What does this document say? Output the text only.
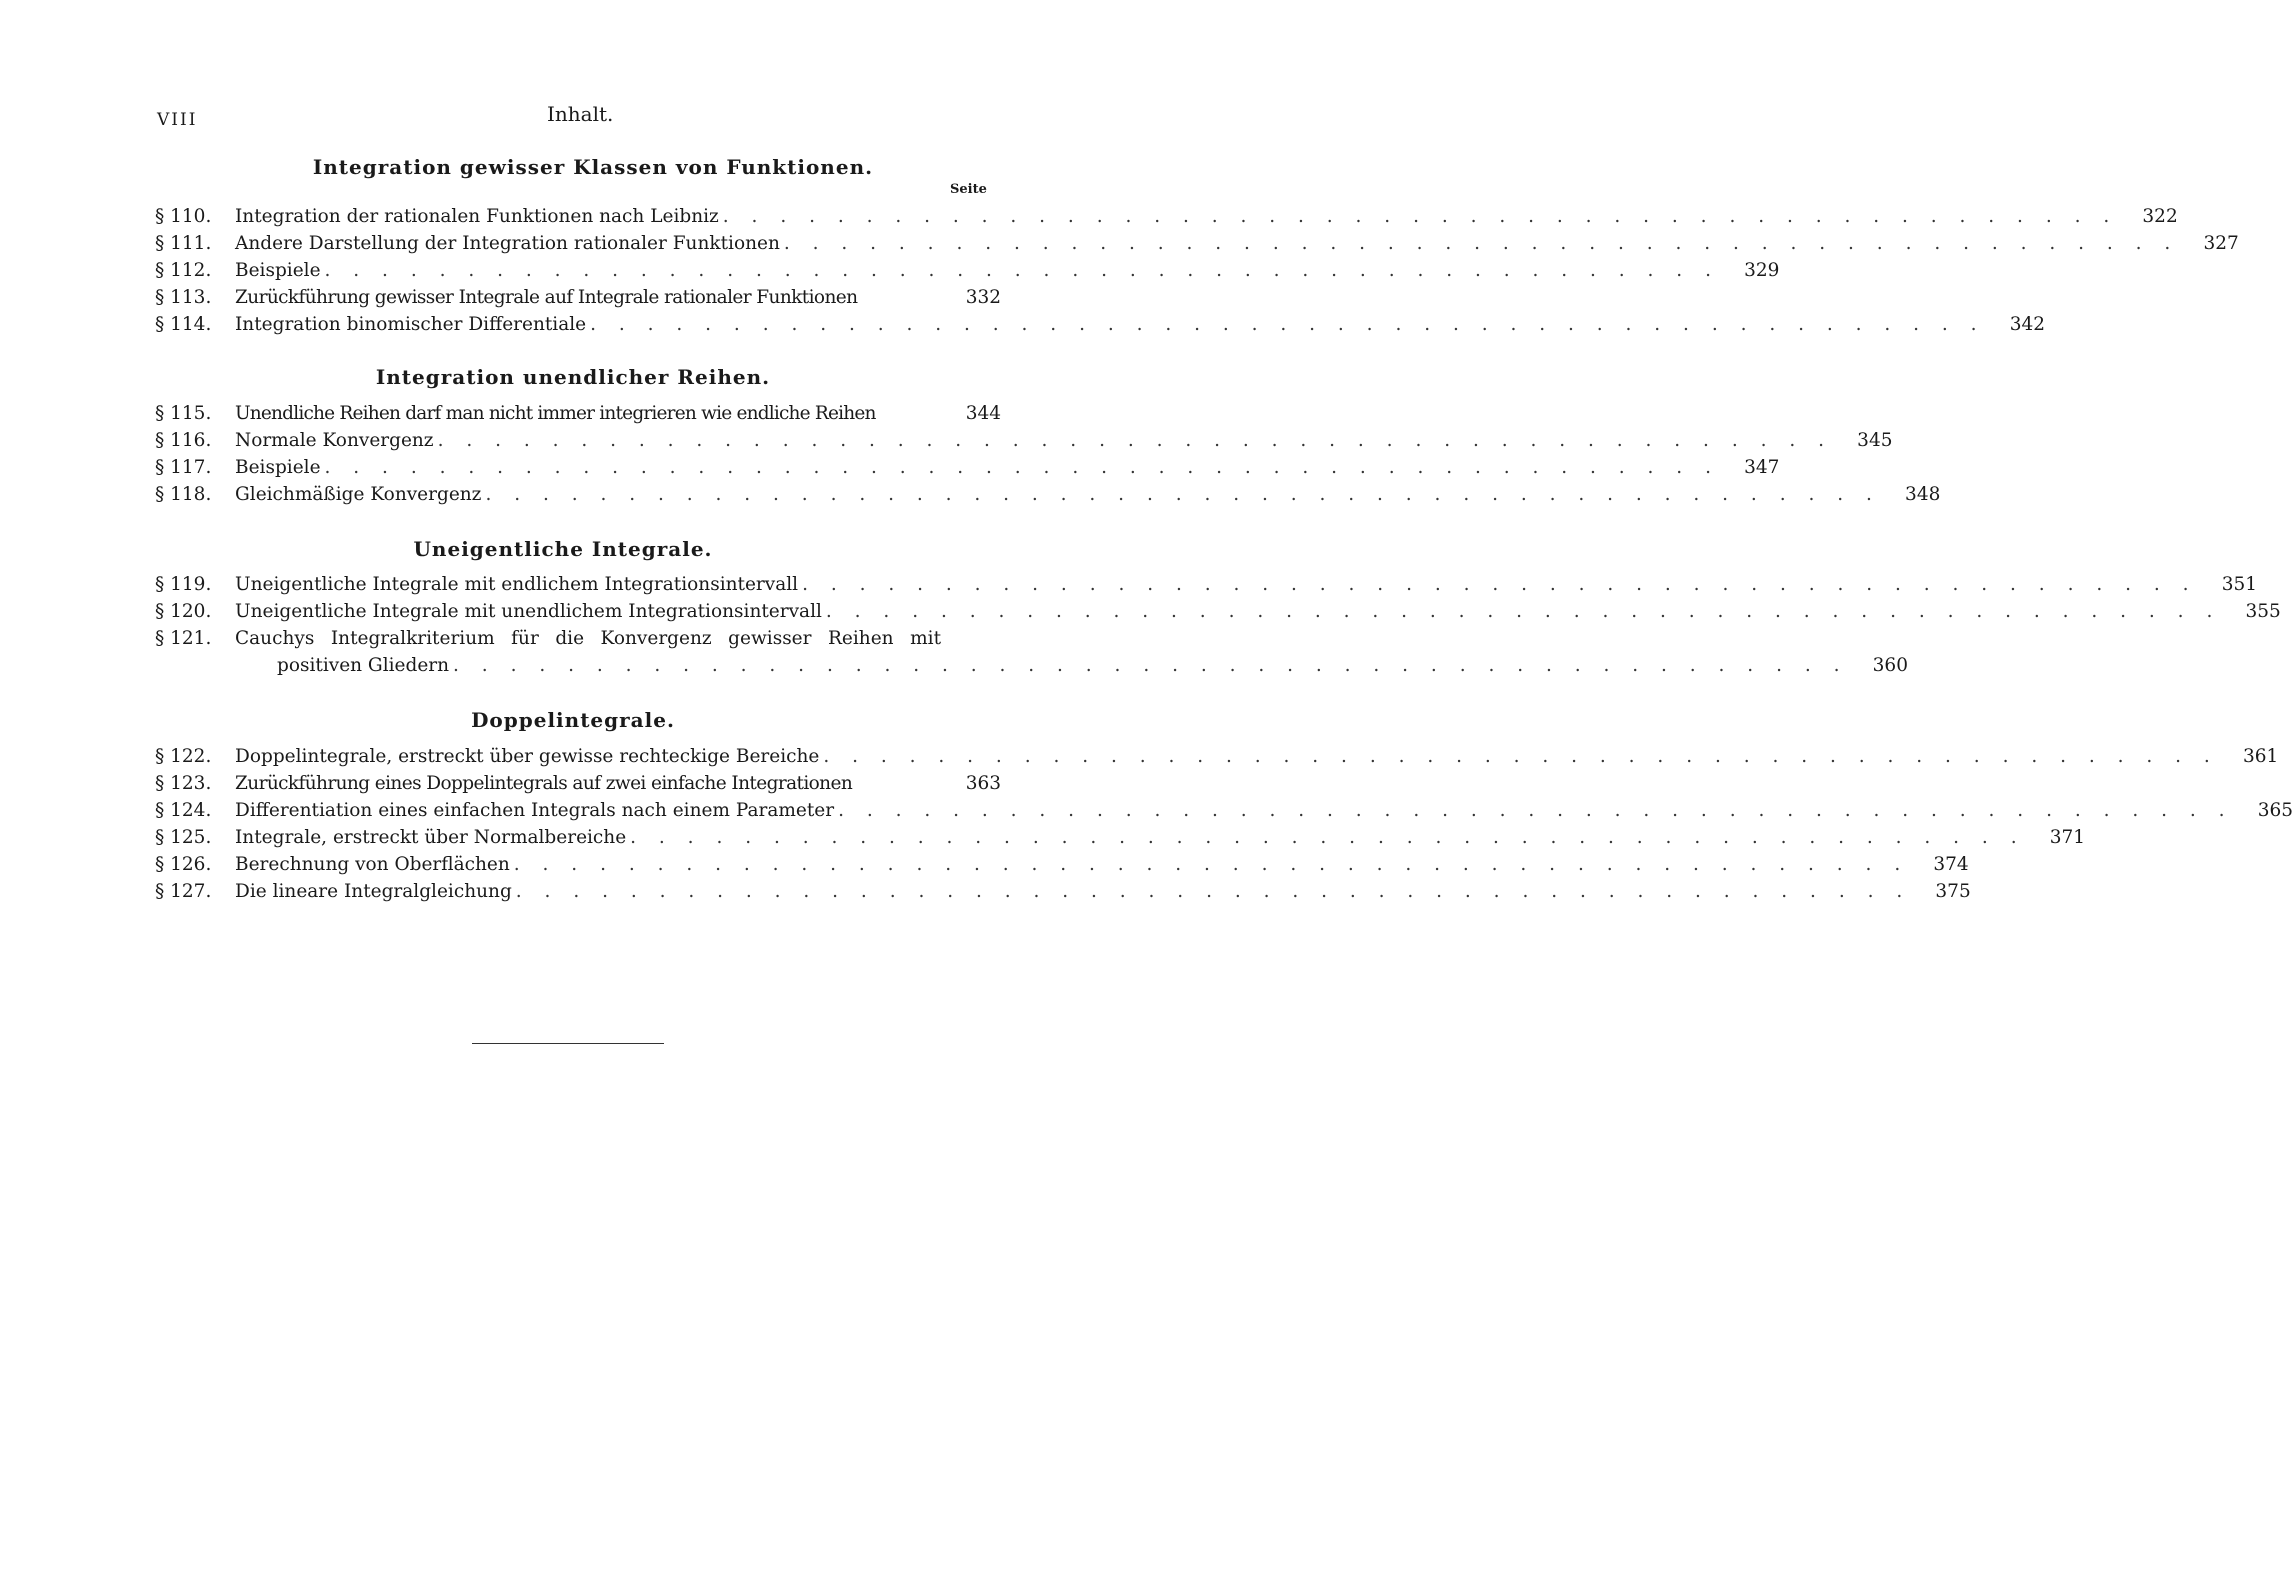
VIII	Inhalt.
Integration gewisser Klassen von Funktionen.
Seite
§ 110. Integration der rationalen Funktionen nach Leibniz . . . . . . . . . . . . . . . . . . . . . . . . . . . . . . . . . . . . . . . . . . . . . . . . .	322
§ 111. Andere Darstellung der Integration rationaler Funktionen . . . . . . . . . . . . . . . . . . . . . . . . . . . . . . . . . . . . . . . . . . . . . . . . .	327
§ 112. Beispiele . . . . . . . . . . . . . . . . . . . . . . . . . . . . . . . . . . . . . . . . . . . . . . . . .	329
§ 113. Zurückführung gewisser Integrale auf Integrale rationaler Funktionen	332
§ 114. Integration binomischer Differentiale . . . . . . . . . . . . . . . . . . . . . . . . . . . . . . . . . . . . . . . . . . . . . . . . .	342
Integration unendlicher Reihen.
§ 115. Unendliche Reihen darf man nicht immer integrieren wie endliche Reihen	344
§ 116. Normale Konvergenz . . . . . . . . . . . . . . . . . . . . . . . . . . . . . . . . . . . . . . . . . . . . . . . . .	345
§ 117. Beispiele . . . . . . . . . . . . . . . . . . . . . . . . . . . . . . . . . . . . . . . . . . . . . . . . .	347
§ 118. Gleichmäßige Konvergenz . . . . . . . . . . . . . . . . . . . . . . . . . . . . . . . . . . . . . . . . . . . . . . . . .	348
Uneigentliche Integrale.
§ 119. Uneigentliche Integrale mit endlichem Integrationsintervall . . . . . . . . . . . . . . . . . . . . . . . . . . . . . . . . . . . . . . . . . . . . . . . . .	351
§ 120. Uneigentliche Integrale mit unendlichem Integrationsintervall . . . . . . . . . . . . . . . . . . . . . . . . . . . . . . . . . . . . . . . . . . . . . . . . .	355
§ 121. Cauchys Integralkriterium für die Konvergenz gewisser Reihen mit
positiven Gliedern . . . . . . . . . . . . . . . . . . . . . . . . . . . . . . . . . . . . . . . . . . . . . . . . .	360
Doppelintegrale.
§ 122. Doppelintegrale, erstreckt über gewisse rechteckige Bereiche . . . . . . . . . . . . . . . . . . . . . . . . . . . . . . . . . . . . . . . . . . . . . . . . .	361
§ 123. Zurückführung eines Doppelintegrals auf zwei einfache Integrationen	363
§ 124. Differentiation eines einfachen Integrals nach einem Parameter . . . . . . . . . . . . . . . . . . . . . . . . . . . . . . . . . . . . . . . . . . . . . . . . .	365
§ 125. Integrale, erstreckt über Normalbereiche . . . . . . . . . . . . . . . . . . . . . . . . . . . . . . . . . . . . . . . . . . . . . . . . .	371
§ 126. Berechnung von Oberflächen . . . . . . . . . . . . . . . . . . . . . . . . . . . . . . . . . . . . . . . . . . . . . . . . .	374
§ 127. Die lineare Integralgleichung . . . . . . . . . . . . . . . . . . . . . . . . . . . . . . . . . . . . . . . . . . . . . . . . .	375
